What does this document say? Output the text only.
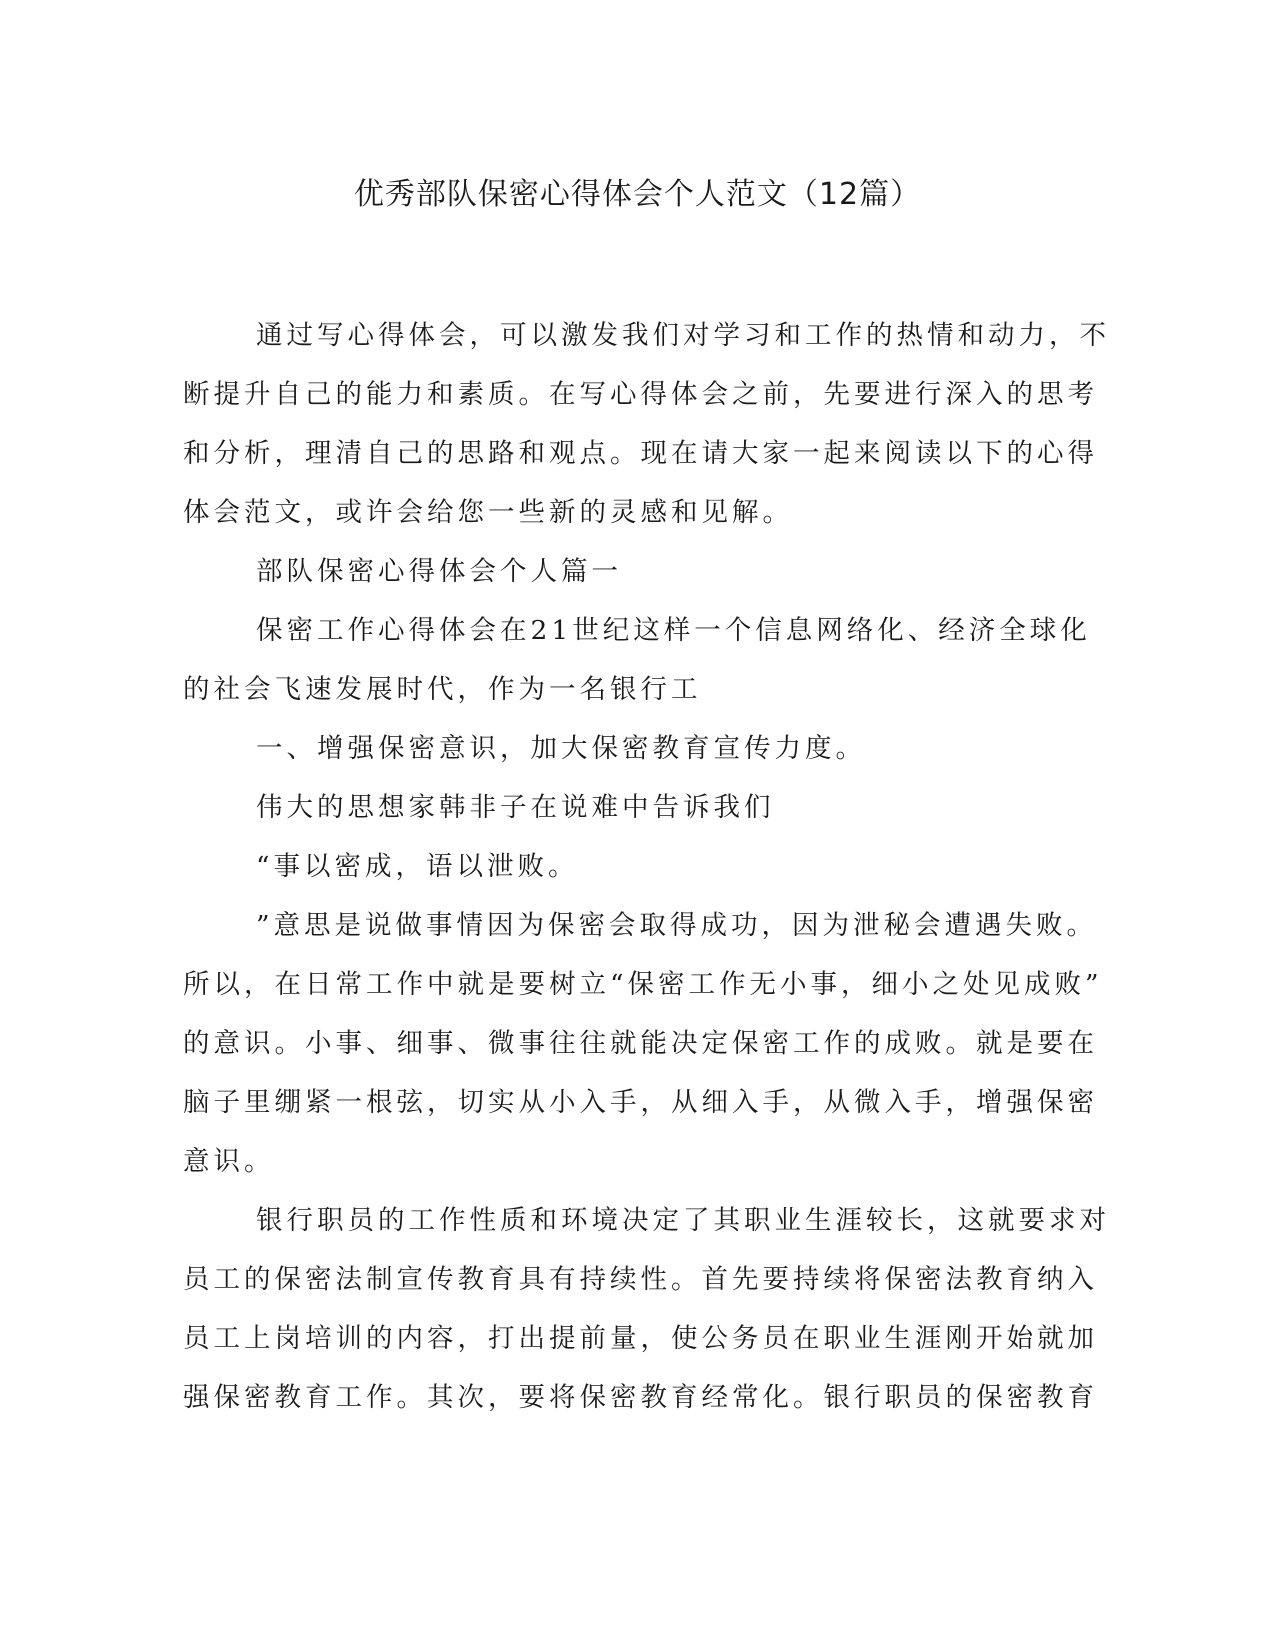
优秀部队保密心得体会个人范文（12篇）
通过写心得体会，可以激发我们对学习和工作的热情和动力，不
断提升自己的能力和素质。在写心得体会之前，先要进行深入的思考
和分析，理清自己的思路和观点。现在请大家一起来阅读以下的心得
体会范文，或许会给您一些新的灵感和见解。
部队保密心得体会个人篇一
保密工作心得体会在21世纪这样一个信息网络化、经济全球化
的社会飞速发展时代，作为一名银行工
一、增强保密意识，加大保密教育宣传力度。
伟大的思想家韩非子在说难中告诉我们
“事以密成，语以泄败。
”意思是说做事情因为保密会取得成功，因为泄秘会遭遇失败。
所以，在日常工作中就是要树立“保密工作无小事，细小之处见成败”
的意识。小事、细事、微事往往就能决定保密工作的成败。就是要在
脑子里绷紧一根弦，切实从小入手，从细入手，从微入手，增强保密
意识。
银行职员的工作性质和环境决定了其职业生涯较长，这就要求对
员工的保密法制宣传教育具有持续性。首先要持续将保密法教育纳入
员工上岗培训的内容，打出提前量，使公务员在职业生涯刚开始就加
强保密教育工作。其次，要将保密教育经常化。银行职员的保密教育
